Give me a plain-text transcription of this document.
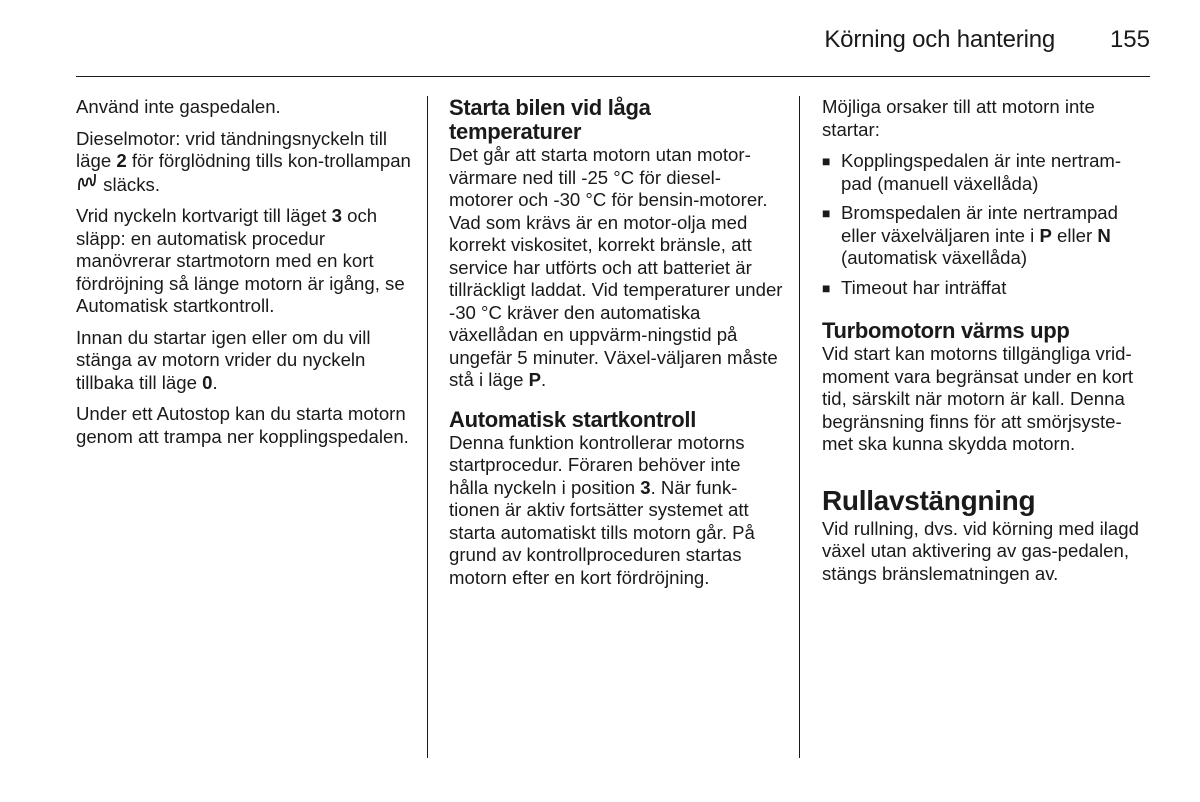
Körning och hantering 155

Använd inte gaspedalen.

Dieselmotor: vrid tändningsnyckeln till läge 2 för förglödning tills kon-trollampan  släcks.

Vrid nyckeln kortvarigt till läget 3 och släpp: en automatisk procedur manövrerar startmotorn med en kort fördröjning så länge motorn är igång, se Automatisk startkontroll.

Innan du startar igen eller om du vill stänga av motorn vrider du nyckeln tillbaka till läge 0.

Under ett Autostop kan du starta motorn genom att trampa ner kopplingspedalen.

Starta bilen vid låga temperaturer

Det går att starta motorn utan motor-värmare ned till -25 °C för diesel-motorer och -30 °C för bensin-motorer. Vad som krävs är en motor-olja med korrekt viskositet, korrekt bränsle, att service har utförts och att batteriet är tillräckligt laddat. Vid temperaturer under -30 °C kräver den automatiska växellådan en uppvärm-ningstid på ungefär 5 minuter. Växel-väljaren måste stå i läge P.

Automatisk startkontroll

Denna funktion kontrollerar motorns startprocedur. Föraren behöver inte hålla nyckeln i position 3. När funk-tionen är aktiv fortsätter systemet att starta automatiskt tills motorn går. På grund av kontrollproceduren startas motorn efter en kort fördröjning.

Möjliga orsaker till att motorn inte startar:

■ Kopplingspedalen är inte nertram-pad (manuell växellåda)
■ Bromspedalen är inte nertrampad eller växelväljaren inte i P eller N (automatisk växellåda)
■ Timeout har inträffat
Turbomotorn värms upp

Vid start kan motorns tillgängliga vrid-moment vara begränsat under en kort tid, särskilt när motorn är kall. Denna begränsning finns för att smörjsyste-met ska kunna skydda motorn.

Rullavstängning

Vid rullning, dvs. vid körning med ilagd växel utan aktivering av gas-pedalen, stängs bränslematningen av.
